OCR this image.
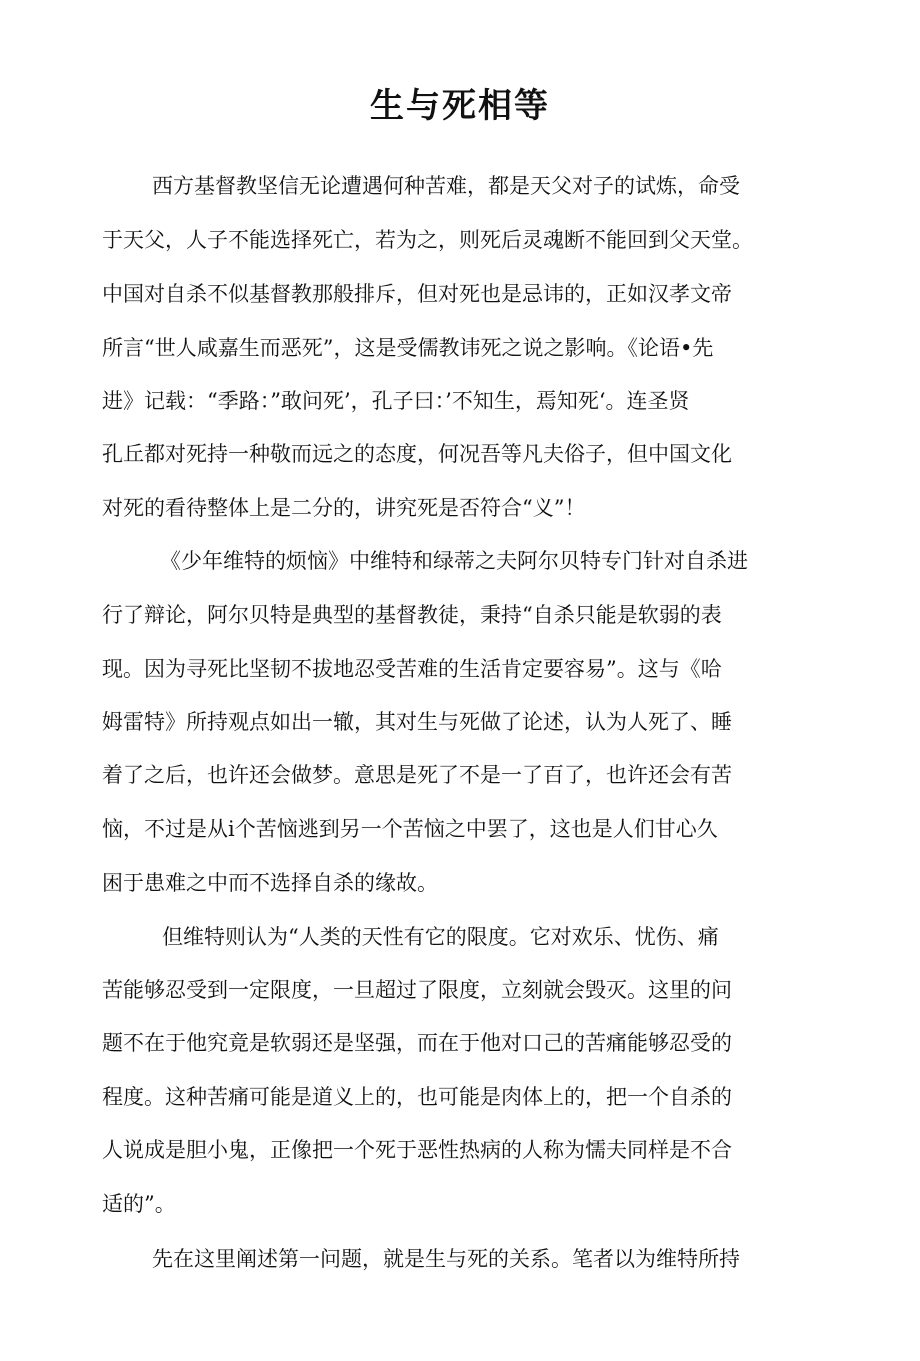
生与死相等

西方基督教坚信无论遭遇何种苦难，都是天父对子的试炼，命受

于天父，人子不能选择死亡，若为之，则死后灵魂断不能回到父天堂。

中国对自杀不似基督教那般排斥，但对死也是忌讳的，正如汉孝文帝

所言“世人咸嘉生而恶死”，这是受儒教讳死之说之影响。《论语•先

进》记载：“季路：”敢问死’，孔子曰：’不知生，焉知死‘。连圣贤

孔丘都对死持一种敬而远之的态度，何况吾等凡夫俗子，但中国文化

对死的看待整体上是二分的，讲究死是否符合“义”！

《少年维特的烦恼》中维特和绿蒂之夫阿尔贝特专门针对自杀进

行了辩论，阿尔贝特是典型的基督教徒，秉持“自杀只能是软弱的表

现。因为寻死比坚韧不拔地忍受苦难的生活肯定要容易”。这与《哈

姆雷特》所持观点如出一辙，其对生与死做了论述，认为人死了、睡

着了之后，也许还会做梦。意思是死了不是一了百了，也许还会有苦

恼，不过是从i个苦恼逃到另一个苦恼之中罢了，这也是人们甘心久

困于患难之中而不选择自杀的缘故。

但维特则认为“人类的天性有它的限度。它对欢乐、忧伤、痛

苦能够忍受到一定限度，一旦超过了限度，立刻就会毁灭。这里的问

题不在于他究竟是软弱还是坚强，而在于他对口己的苦痛能够忍受的

程度。这种苦痛可能是道义上的，也可能是肉体上的，把一个自杀的

人说成是胆小鬼，正像把一个死于恶性热病的人称为懦夫同样是不合

适的”。

先在这里阐述第一问题，就是生与死的关系。笔者以为维特所持
